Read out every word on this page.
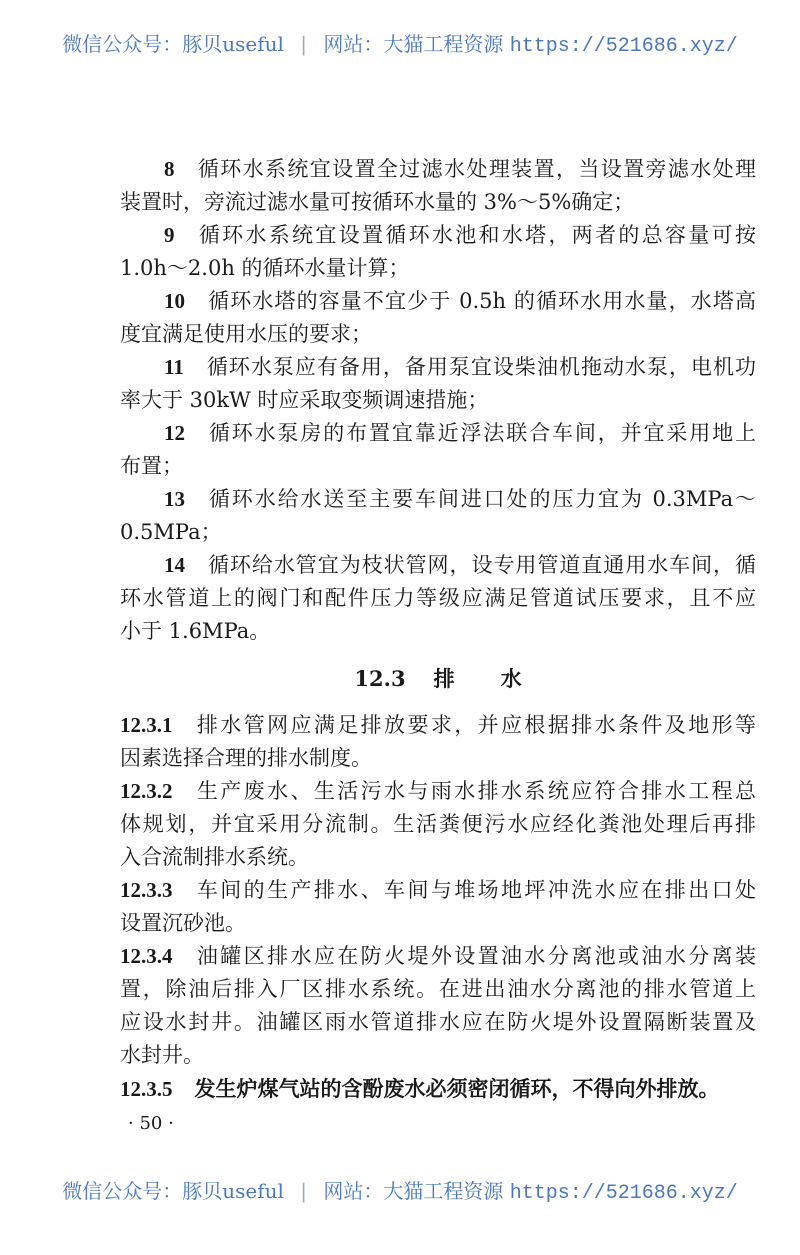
微信公众号：豚贝useful | 网站：大猫工程资源 https://521686.xyz/
8 循环水系统宜设置全过滤水处理装置，当设置旁滤水处理
装置时，旁流过滤水量可按循环水量的 3%～5%确定；
9 循环水系统宜设置循环水池和水塔，两者的总容量可按
1.0h～2.0h 的循环水量计算；
10 循环水塔的容量不宜少于 0.5h 的循环水用水量，水塔高
度宜满足使用水压的要求；
11 循环水泵应有备用，备用泵宜设柴油机拖动水泵，电机功
率大于 30kW 时应采取变频调速措施；
12 循环水泵房的布置宜靠近浮法联合车间，并宜采用地上
布置；
13 循环水给水送至主要车间进口处的压力宜为 0.3MPa～
0.5MPa；
14 循环给水管宜为枝状管网，设专用管道直通用水车间，循
环水管道上的阀门和配件压力等级应满足管道试压要求，且不应
小于 1.6MPa。
12.3 排 水
12.3.1 排水管网应满足排放要求，并应根据排水条件及地形等
因素选择合理的排水制度。
12.3.2 生产废水、生活污水与雨水排水系统应符合排水工程总
体规划，并宜采用分流制。生活粪便污水应经化粪池处理后再排
入合流制排水系统。
12.3.3 车间的生产排水、车间与堆场地坪冲洗水应在排出口处
设置沉砂池。
12.3.4 油罐区排水应在防火堤外设置油水分离池或油水分离装
置，除油后排入厂区排水系统。在进出油水分离池的排水管道上
应设水封井。油罐区雨水管道排水应在防火堤外设置隔断装置及
水封井。
12.3.5 发生炉煤气站的含酚废水必须密闭循环，不得向外排放。
· 50 ·
微信公众号：豚贝useful | 网站：大猫工程资源 https://521686.xyz/
